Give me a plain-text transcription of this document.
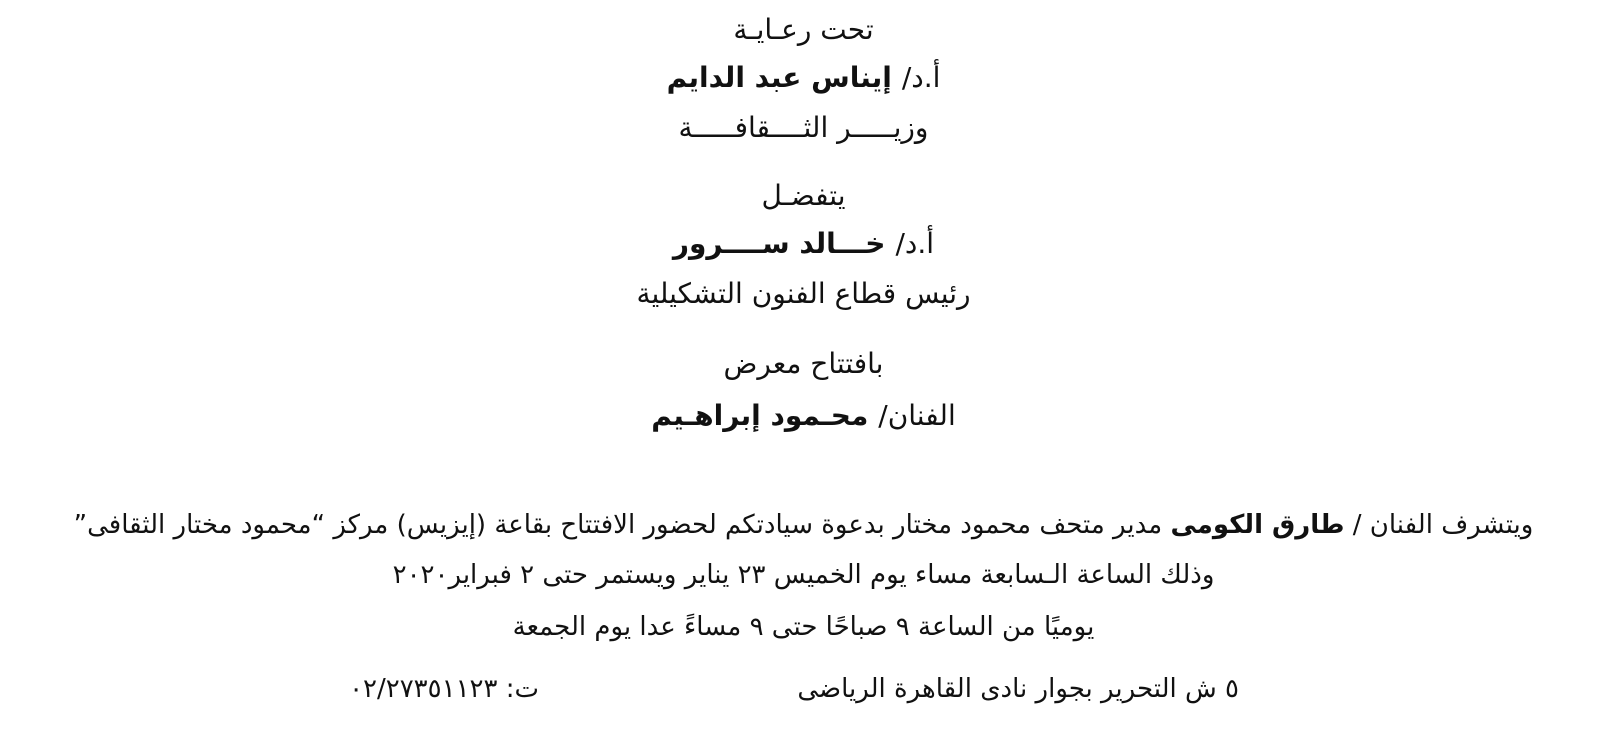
تحت رعـايـة
أ.د/إيناس عبد الدايم
وزيـــــر الثــــقافـــــة
يتفضـل
أ.د/خـــالد ســــرور
رئيس قطاع الفنون التشكيلية
بافتتاح معرض
الفنان/محـمود إبراهـيم
ويتشرف الفنان / طارق الكومى مدير متحف محمود مختار بدعوة سيادتكم لحضور الافتتاح بقاعة (إيزيس) مركز “محمود مختار الثقافى”
وذلك الساعة الـسابعة مساء يوم الخميس ٢٣ يناير ويستمر حتى ٢ فبراير٢٠٢٠
يوميًا من الساعة ٩ صباحًا حتى ٩ مساءً عدا يوم الجمعة
٥ ش التحرير بجوار نادى القاهرة الرياضى
ت: ٠٢/٢٧٣٥١١٢٣
